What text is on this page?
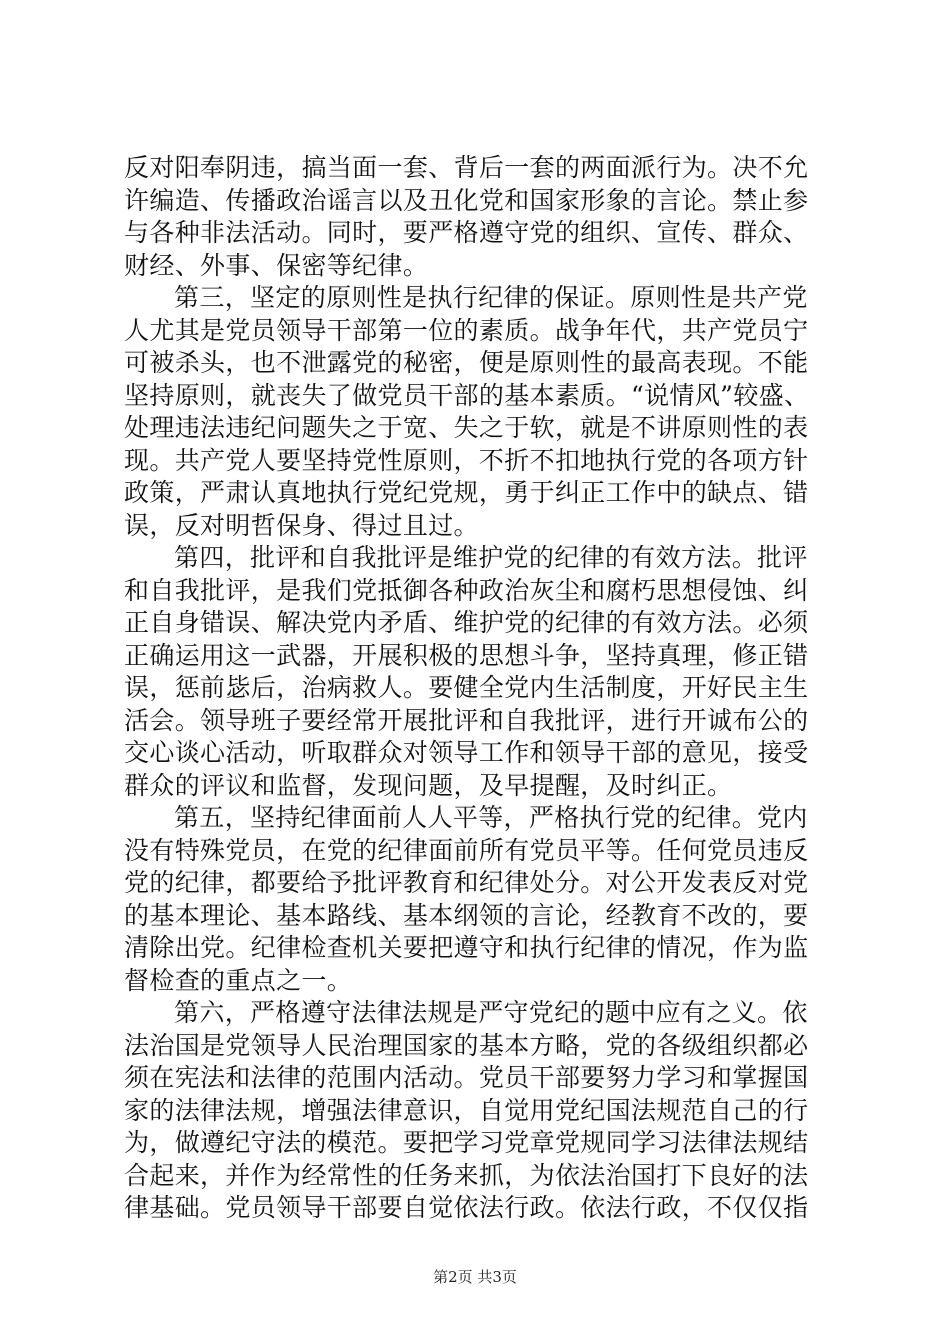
反对阳奉阴违，搞当面一套、背后一套的两面派行为。决不允
许编造、传播政治谣言以及丑化党和国家形象的言论。禁止参
与各种非法活动。同时，要严格遵守党的组织、宣传、群众、
财经、外事、保密等纪律。
第三，坚定的原则性是执行纪律的保证。原则性是共产党
人尤其是党员领导干部第一位的素质。战争年代，共产党员宁
可被杀头，也不泄露党的秘密，便是原则性的最高表现。不能
坚持原则，就丧失了做党员干部的基本素质。“说情风”较盛、
处理违法违纪问题失之于宽、失之于软，就是不讲原则性的表
现。共产党人要坚持党性原则，不折不扣地执行党的各项方针
政策，严肃认真地执行党纪党规，勇于纠正工作中的缺点、错
误，反对明哲保身、得过且过。
第四，批评和自我批评是维护党的纪律的有效方法。批评
和自我批评，是我们党抵御各种政治灰尘和腐朽思想侵蚀、纠
正自身错误、解决党内矛盾、维护党的纪律的有效方法。必须
正确运用这一武器，开展积极的思想斗争，坚持真理，修正错
误，惩前毖后，治病救人。要健全党内生活制度，开好民主生
活会。领导班子要经常开展批评和自我批评，进行开诚布公的
交心谈心活动，听取群众对领导工作和领导干部的意见，接受
群众的评议和监督，发现问题，及早提醒，及时纠正。
第五，坚持纪律面前人人平等，严格执行党的纪律。党内
没有特殊党员，在党的纪律面前所有党员平等。任何党员违反
党的纪律，都要给予批评教育和纪律处分。对公开发表反对党
的基本理论、基本路线、基本纲领的言论，经教育不改的，要
清除出党。纪律检查机关要把遵守和执行纪律的情况，作为监
督检查的重点之一。
第六，严格遵守法律法规是严守党纪的题中应有之义。依
法治国是党领导人民治理国家的基本方略，党的各级组织都必
须在宪法和法律的范围内活动。党员干部要努力学习和掌握国
家的法律法规，增强法律意识，自觉用党纪国法规范自己的行
为，做遵纪守法的模范。要把学习党章党规同学习法律法规结
合起来，并作为经常性的任务来抓，为依法治国打下良好的法
律基础。党员领导干部要自觉依法行政。依法行政，不仅仅指
第2页 共3页
